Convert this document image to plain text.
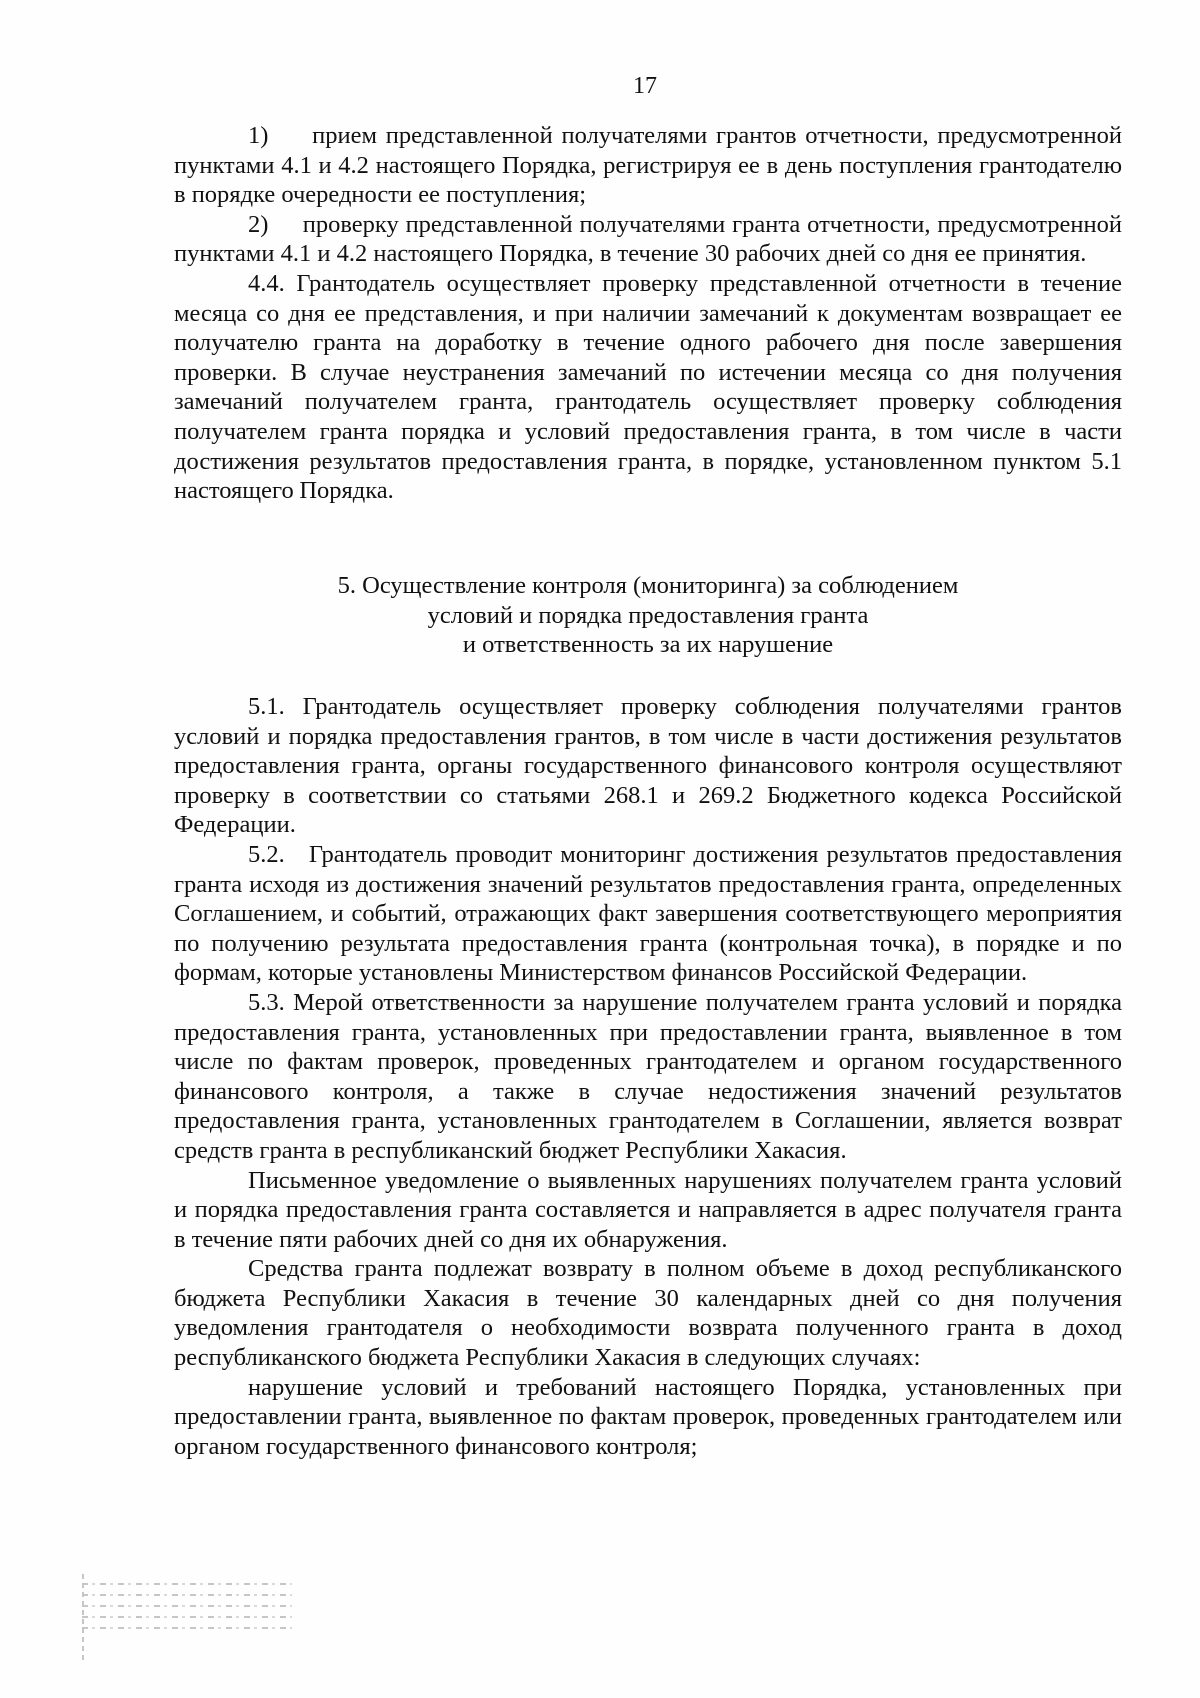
17

1)     прием представленной получателями грантов отчетности, предусмотренной пунктами 4.1 и 4.2 настоящего Порядка, регистрируя ее в день поступления грантодателю в порядке очередности ее поступления;

2)     проверку представленной получателями гранта отчетности, предусмотренной пунктами 4.1 и 4.2 настоящего Порядка, в течение 30 рабочих дней со дня ее принятия.

4.4. Грантодатель осуществляет проверку представленной отчетности в течение месяца со дня ее представления, и при наличии замечаний к документам возвращает ее получателю гранта на доработку в течение одного рабочего дня после завершения проверки. В случае неустранения замечаний по истечении месяца со дня получения замечаний получателем гранта, грантодатель осуществляет проверку соблюдения получателем гранта порядка и условий предоставления гранта, в том числе в части достижения результатов предоставления гранта, в порядке, установленном пунктом 5.1 настоящего Порядка.

5. Осуществление контроля (мониторинга) за соблюдением
условий и порядка предоставления гранта
и ответственность за их нарушение

5.1. Грантодатель осуществляет проверку соблюдения получателями грантов условий и порядка предоставления грантов, в том числе в части достижения результатов предоставления гранта, органы государственного финансового контроля осуществляют проверку в соответствии со статьями 268.1 и 269.2 Бюджетного кодекса Российской Федерации.

5.2.   Грантодатель проводит мониторинг достижения результатов предоставления гранта исходя из достижения значений результатов предоставления гранта, определенных Соглашением, и событий, отражающих факт завершения соответствующего мероприятия по получению результата предоставления гранта (контрольная точка), в порядке и по формам, которые установлены Министерством финансов Российской Федерации.

5.3. Мерой ответственности за нарушение получателем гранта условий и порядка предоставления гранта, установленных при предоставлении гранта, выявленное в том числе по фактам проверок, проведенных грантодателем и органом государственного финансового контроля, а также в случае недостижения значений результатов предоставления гранта, установленных грантодателем в Соглашении, является возврат средств гранта в республиканский бюджет Республики Хакасия.

Письменное уведомление о выявленных нарушениях получателем гранта условий и порядка предоставления гранта составляется и направляется в адрес получателя гранта в течение пяти рабочих дней со дня их обнаружения.

Средства гранта подлежат возврату в полном объеме в доход республиканского бюджета Республики Хакасия в течение 30 календарных дней со дня получения уведомления грантодателя о необходимости возврата полученного гранта в доход республиканского бюджета Республики Хакасия в следующих случаях:

нарушение условий и требований настоящего Порядка, установленных при предоставлении гранта, выявленное по фактам проверок, проведенных грантодателем или органом государственного финансового контроля;
